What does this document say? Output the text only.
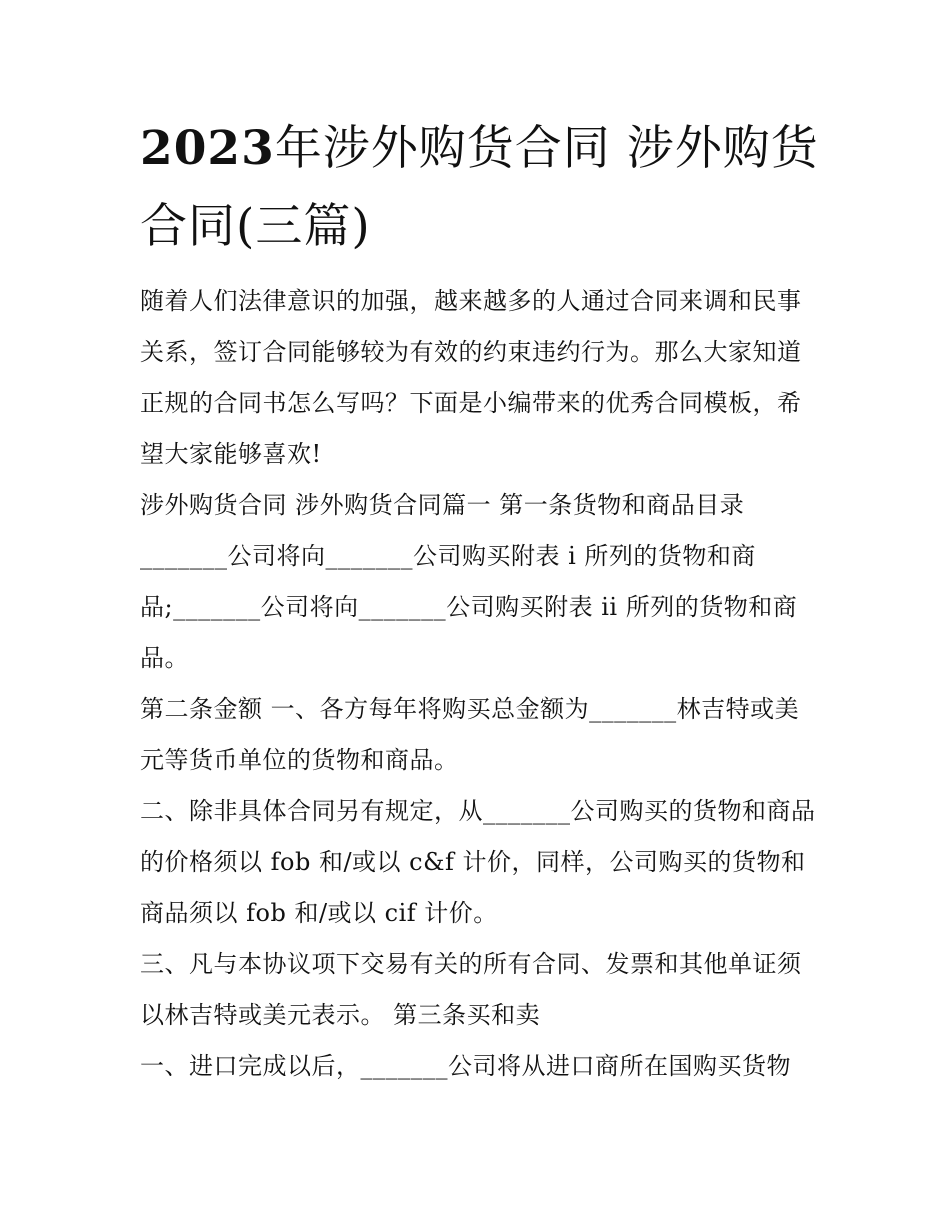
2023年涉外购货合同 涉外购货合同(三篇)

随着人们法律意识的加强，越来越多的人通过合同来调和民事关系，签订合同能够较为有效的约束违约行为。那么大家知道正规的合同书怎么写吗？下面是小编带来的优秀合同模板，希望大家能够喜欢!

涉外购货合同 涉外购货合同篇一 第一条货物和商品目录

_______公司将向_______公司购买附表 i 所列的货物和商品;_______公司将向_______公司购买附表 ii 所列的货物和商品。

第二条金额 一、各方每年将购买总金额为_______林吉特或美元等货币单位的货物和商品。

二、除非具体合同另有规定，从_______公司购买的货物和商品的价格须以 fob 和/或以 c&f 计价，同样，公司购买的货物和商品须以 fob 和/或以 cif 计价。

三、凡与本协议项下交易有关的所有合同、发票和其他单证须以林吉特或美元表示。 第三条买和卖

一、进口完成以后，_______公司将从进口商所在国购买货物
